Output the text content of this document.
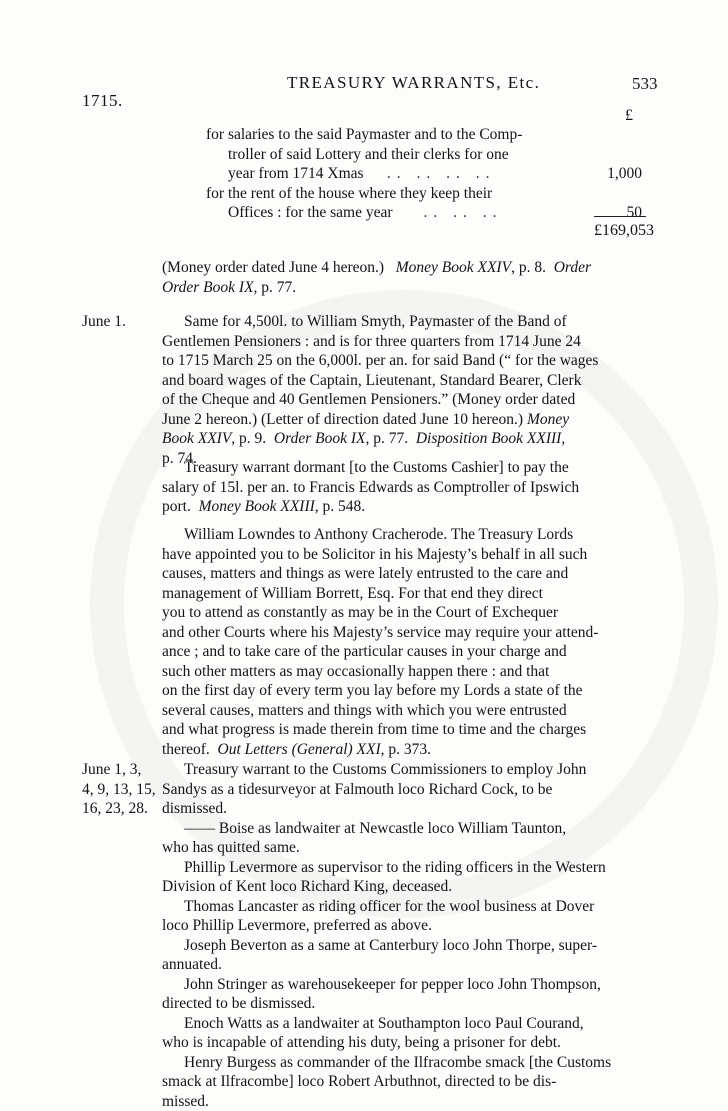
1715.
TREASURY WARRANTS, Etc.	533
£
for salaries to the said Paymaster and to the Comp-
troller of said Lottery and their clerks for one
year from 1714 Xmas .. .. .. ..	1,000
for the rent of the house where they keep their
Offices : for the same year .. .. ..	50
£169,053
(Money order dated June 4 hereon.) Money Book XXIV, p. 8. Order
Order Book IX, p. 77.
June 1.	Same for 4,500l. to William Smyth, Paymaster of the Band of
Gentlemen Pensioners : and is for three quarters from 1714 June 24
to 1715 March 25 on the 6,000l. per an. for said Band (“ for the wages
and board wages of the Captain, Lieutenant, Standard Bearer, Clerk
of the Cheque and 40 Gentlemen Pensioners.” (Money order dated
June 2 hereon.) (Letter of direction dated June 10 hereon.) Money
Book XXIV, p. 9. Order Book IX, p. 77. Disposition Book XXIII,
p. 74.
Treasury warrant dormant [to the Customs Cashier] to pay the
salary of 15l. per an. to Francis Edwards as Comptroller of Ipswich
port. Money Book XXIII, p. 548.
William Lowndes to Anthony Cracherode. The Treasury Lords
have appointed you to be Solicitor in his Majesty’s behalf in all such
causes, matters and things as were lately entrusted to the care and
management of William Borrett, Esq. For that end they direct
you to attend as constantly as may be in the Court of Exchequer
and other Courts where his Majesty’s service may require your attend-
ance ; and to take care of the particular causes in your charge and
such other matters as may occasionally happen there : and that
on the first day of every term you lay before my Lords a state of the
several causes, matters and things with which you were entrusted
and what progress is made therein from time to time and the charges
thereof. Out Letters (General) XXI, p. 373.
June 1, 3,
4, 9, 13, 15,
16, 23, 28.
Treasury warrant to the Customs Commissioners to employ John
Sandys as a tidesurveyor at Falmouth loco Richard Cock, to be
dismissed.
—— Boise as landwaiter at Newcastle loco William Taunton,
who has quitted same.
Phillip Levermore as supervisor to the riding officers in the Western
Division of Kent loco Richard King, deceased.
Thomas Lancaster as riding officer for the wool business at Dover
loco Phillip Levermore, preferred as above.
Joseph Beverton as a same at Canterbury loco John Thorpe, super-
annuated.
John Stringer as warehousekeeper for pepper loco John Thompson,
directed to be dismissed.
Enoch Watts as a landwaiter at Southampton loco Paul Courand,
who is incapable of attending his duty, being a prisoner for debt.
Henry Burgess as commander of the Ilfracombe smack [the Customs
smack at Ilfracombe] loco Robert Arbuthnot, directed to be dis-
missed.
